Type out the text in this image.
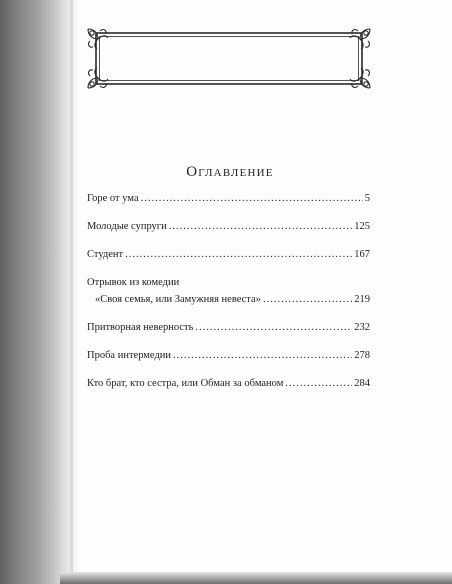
Оглавление
Горе от ума .....	5
Молодые супруги .....	125
Студент .....	167
Отрывок из комедии
«Своя семья, или Замужняя невеста» .....	219
Притворная неверность .....	232
Проба интермедии .....	278
Кто брат, кто сестра, или Обман за обманом .....	284
